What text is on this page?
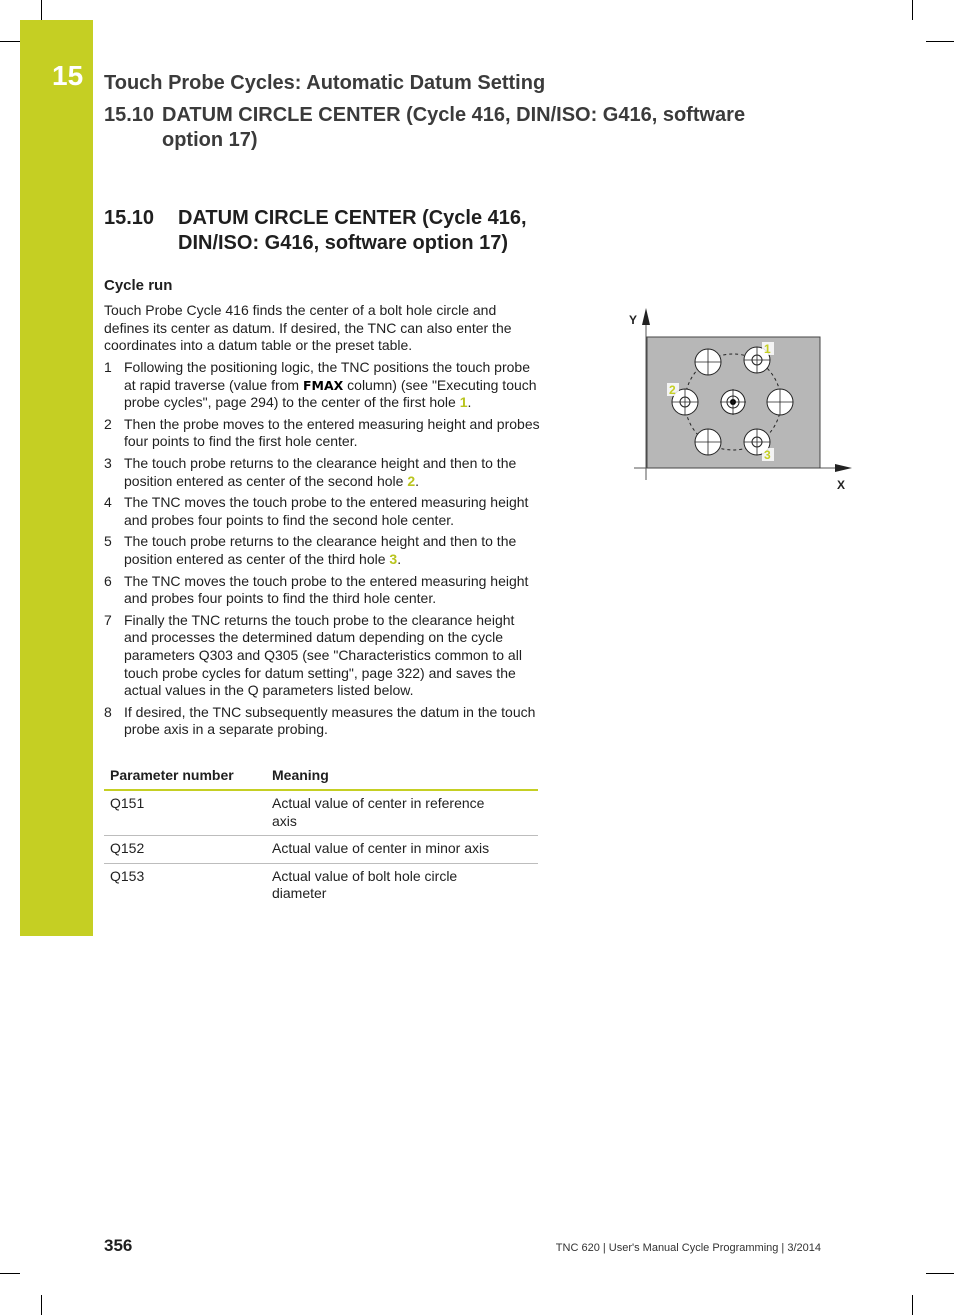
15 Touch Probe Cycles: Automatic Datum Setting
15.10 DATUM CIRCLE CENTER (Cycle 416, DIN/ISO: G416, software
option 17)
15.10 DATUM CIRCLE CENTER (Cycle 416,
DIN/ISO: G416, software option 17)
Cycle run
Touch Probe Cycle 416 finds the center of a bolt hole circle and defines its center as datum. If desired, the TNC can also enter the coordinates into a datum table or the preset table.
1 Following the positioning logic, the TNC positions the touch probe at rapid traverse (value from FMAX column) (see "Executing touch probe cycles", page 294) to the center of the first hole 1.
2 Then the probe moves to the entered measuring height and probes four points to find the first hole center.
3 The touch probe returns to the clearance height and then to the position entered as center of the second hole 2.
4 The TNC moves the touch probe to the entered measuring height and probes four points to find the second hole center.
5 The touch probe returns to the clearance height and then to the position entered as center of the third hole 3.
6 The TNC moves the touch probe to the entered measuring height and probes four points to find the third hole center.
7 Finally the TNC returns the touch probe to the clearance height and processes the determined datum depending on the cycle parameters Q303 and Q305 (see "Characteristics common to all touch probe cycles for datum setting", page 322) and saves the actual values in the Q parameters listed below.
8 If desired, the TNC subsequently measures the datum in the touch probe axis in a separate probing.
Parameter number	Meaning
Q151	Actual value of center in reference axis
Q152	Actual value of center in minor axis
Q153	Actual value of bolt hole circle diameter
Y
X
1
2
3
356	TNC 620 | User's Manual Cycle Programming | 3/2014
